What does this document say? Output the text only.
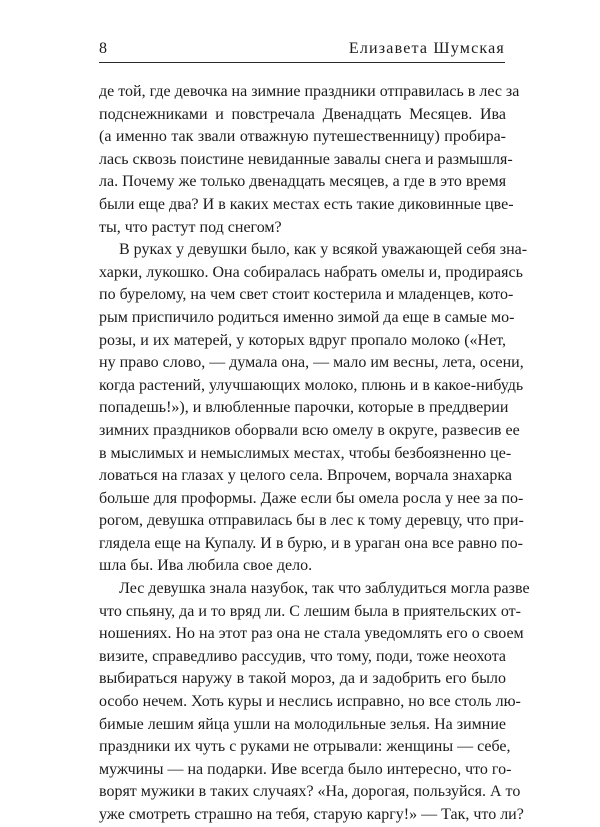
8	Елизавета Шумская

де той, где девочка на зимние праздники отправилась в лес за
подснежниками и повстречала Двенадцать Месяцев. Ива
(а именно так звали отважную путешественницу) пробира-
лась сквозь поистине невиданные завалы снега и размышля-
ла. Почему же только двенадцать месяцев, а где в это время
были еще два? И в каких местах есть такие диковинные цве-
ты, что растут под снегом?

В руках у девушки было, как у всякой уважающей себя зна-
харки, лукошко. Она собиралась набрать омелы и, продираясь
по бурелому, на чем свет стоит костерила и младенцев, кото-
рым приспичило родиться именно зимой да еще в самые мо-
розы, и их матерей, у которых вдруг пропало молоко («Нет,
ну право слово, — думала она, — мало им весны, лета, осени,
когда растений, улучшающих молоко, плюнь и в какое-нибудь
попадешь!»), и влюбленные парочки, которые в преддверии
зимних праздников оборвали всю омелу в округе, развесив ее
в мыслимых и немыслимых местах, чтобы безбоязненно це-
ловаться на глазах у целого села. Впрочем, ворчала знахарка
больше для проформы. Даже если бы омела росла у нее за по-
рогом, девушка отправилась бы в лес к тому деревцу, что при-
глядела еще на Купалу. И в бурю, и в ураган она все равно по-
шла бы. Ива любила свое дело.

Лес девушка знала назубок, так что заблудиться могла разве
что спьяну, да и то вряд ли. С лешим была в приятельских от-
ношениях. Но на этот раз она не стала уведомлять его о своем
визите, справедливо рассудив, что тому, поди, тоже неохота
выбираться наружу в такой мороз, да и задобрить его было
особо нечем. Хоть куры и неслись исправно, но все столь лю-
бимые лешим яйца ушли на молодильные зелья. На зимние
праздники их чуть с руками не отрывали: женщины — себе,
мужчины — на подарки. Иве всегда было интересно, что го-
ворят мужики в таких случаях? «На, дорогая, пользуйся. А то
уже смотреть страшно на тебя, старую каргу!» — Так, что ли?
